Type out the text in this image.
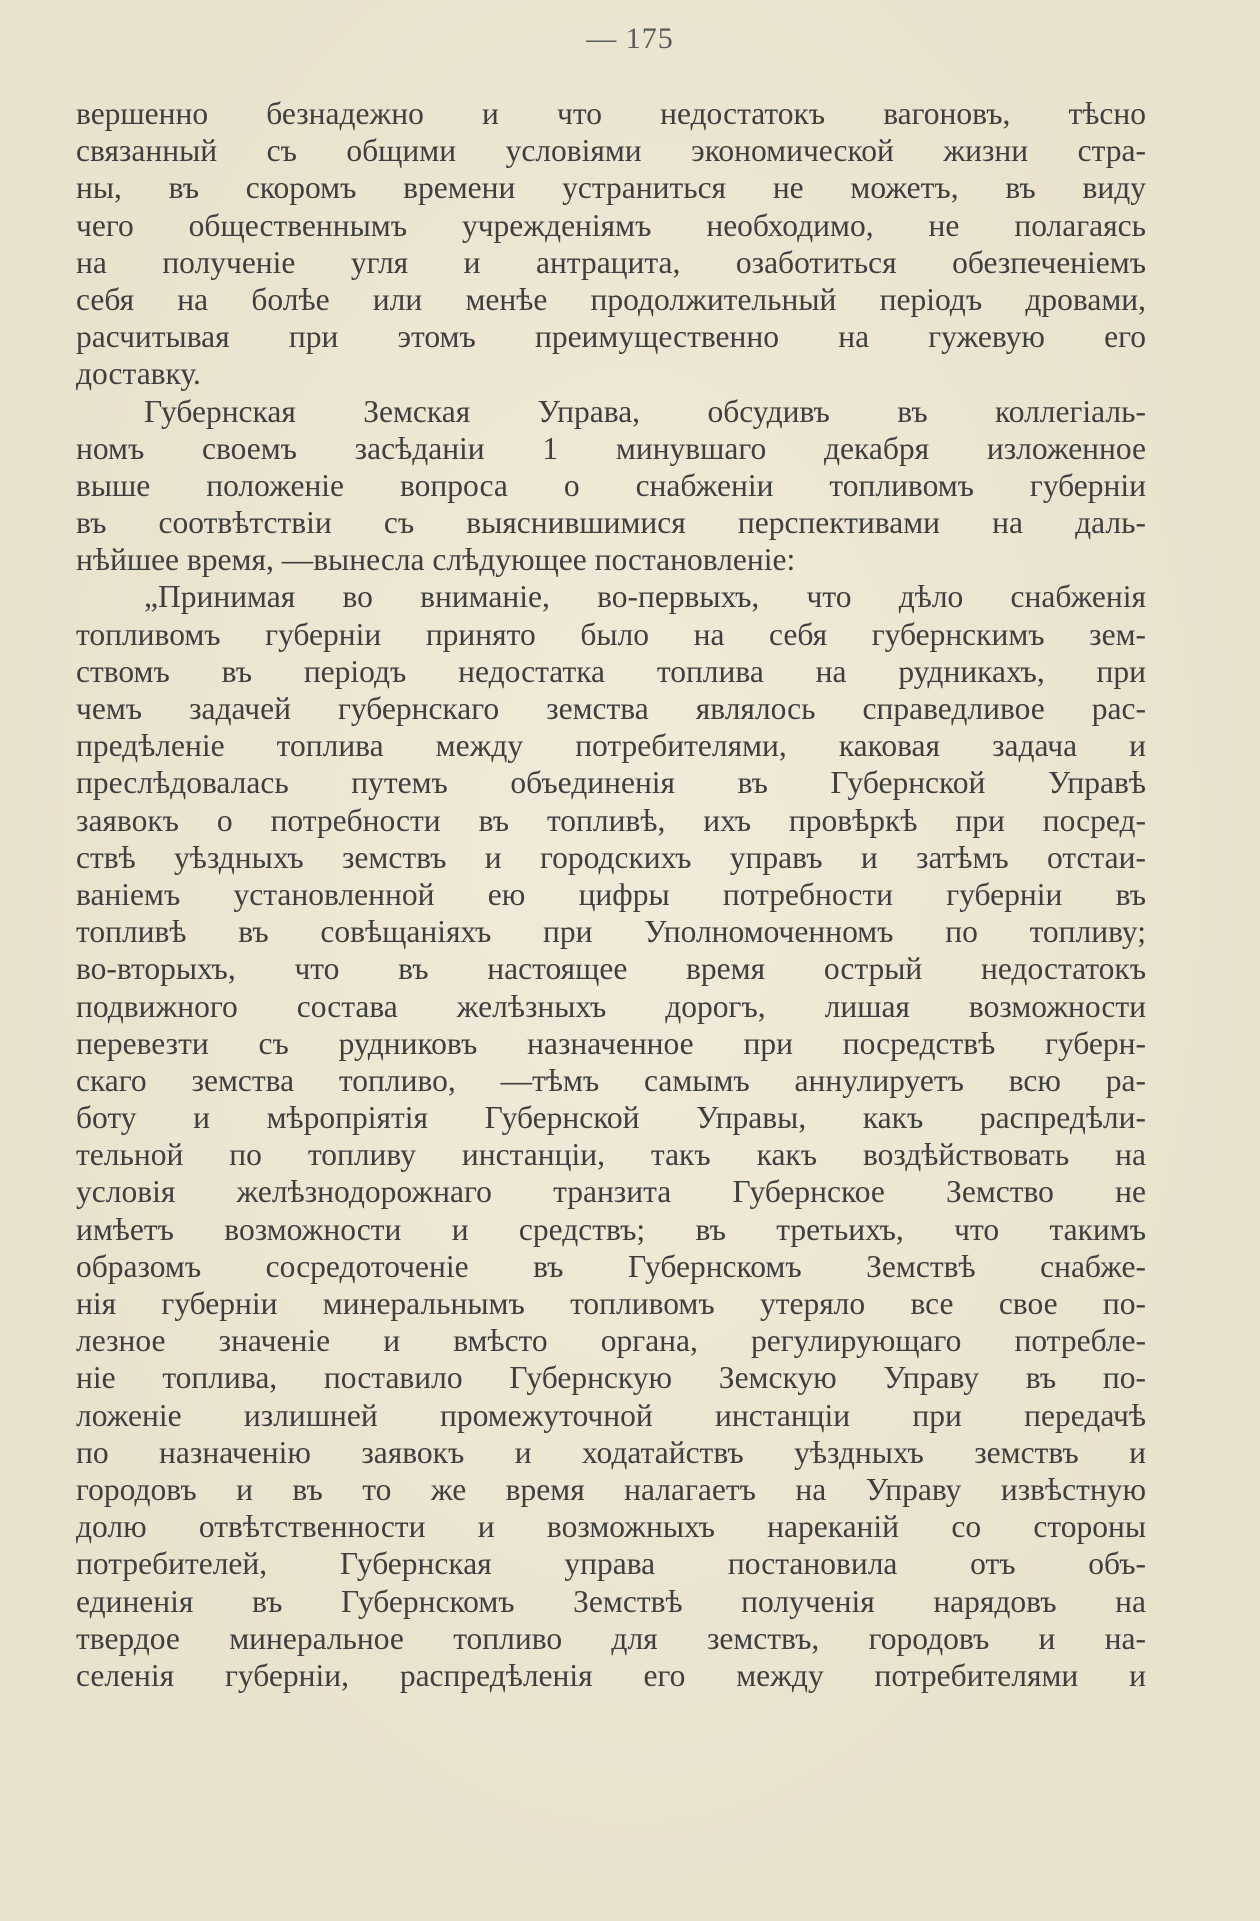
— 175
вершенно безнадежно и что недостатокъ вагоновъ, тѣсно
связанный съ общими условіями экономической жизни стра-
ны, въ скоромъ времени устраниться не можетъ, въ виду
чего общественнымъ учрежденіямъ необходимо, не полагаясь
на полученіе угля и антрацита, озаботиться обезпеченіемъ
себя на болѣе или менѣе продолжительный періодъ дровами,
расчитывая при этомъ преимущественно на гужевую его
доставку.
Губернская Земская Управа, обсудивъ въ коллегіаль-
номъ своемъ засѣданіи 1 минувшаго декабря изложенное
выше положеніе вопроса о снабженіи топливомъ губерніи
въ соотвѣтствіи съ выяснившимися перспективами на даль-
нѣйшее время, —вынесла слѣдующее постановленіе:
„Принимая во вниманіе, во-первыхъ, что дѣло снабженія
топливомъ губерніи принято было на себя губернскимъ зем-
ствомъ въ періодъ недостатка топлива на рудникахъ, при
чемъ задачей губернскаго земства являлось справедливое рас-
предѣленіе топлива между потребителями, каковая задача и
преслѣдовалась путемъ объединенія въ Губернской Управѣ
заявокъ о потребности въ топливѣ, ихъ провѣркѣ при посред-
ствѣ уѣздныхъ земствъ и городскихъ управъ и затѣмъ отстаи-
ваніемъ установленной ею цифры потребности губерніи въ
топливѣ въ совѣщаніяхъ при Уполномоченномъ по топливу;
во-вторыхъ, что въ настоящее время острый недостатокъ
подвижного состава желѣзныхъ дорогъ, лишая возможности
перевезти съ рудниковъ назначенное при посредствѣ губерн-
скаго земства топливо, —тѣмъ самымъ аннулируетъ всю ра-
боту и мѣропріятія Губернской Управы, какъ распредѣли-
тельной по топливу инстанціи, такъ какъ воздѣйствовать на
условія желѣзнодорожнаго транзита Губернское Земство не
имѣетъ возможности и средствъ; въ третьихъ, что такимъ
образомъ сосредоточеніе въ Губернскомъ Земствѣ снабже-
нія губерніи минеральнымъ топливомъ утеряло все свое по-
лезное значеніе и вмѣсто органа, регулирующаго потребле-
ніе топлива, поставило Губернскую Земскую Управу въ по-
ложеніе излишней промежуточной инстанціи при передачѣ
по назначенію заявокъ и ходатайствъ уѣздныхъ земствъ и
городовъ и въ то же время налагаетъ на Управу извѣстную
долю отвѣтственности и возможныхъ нареканій со стороны
потребителей, Губернская управа постановила отъ объ-
единенія въ Губернскомъ Земствѣ полученія нарядовъ на
твердое минеральное топливо для земствъ, городовъ и на-
селенія губерніи, распредѣленія его между потребителями и
